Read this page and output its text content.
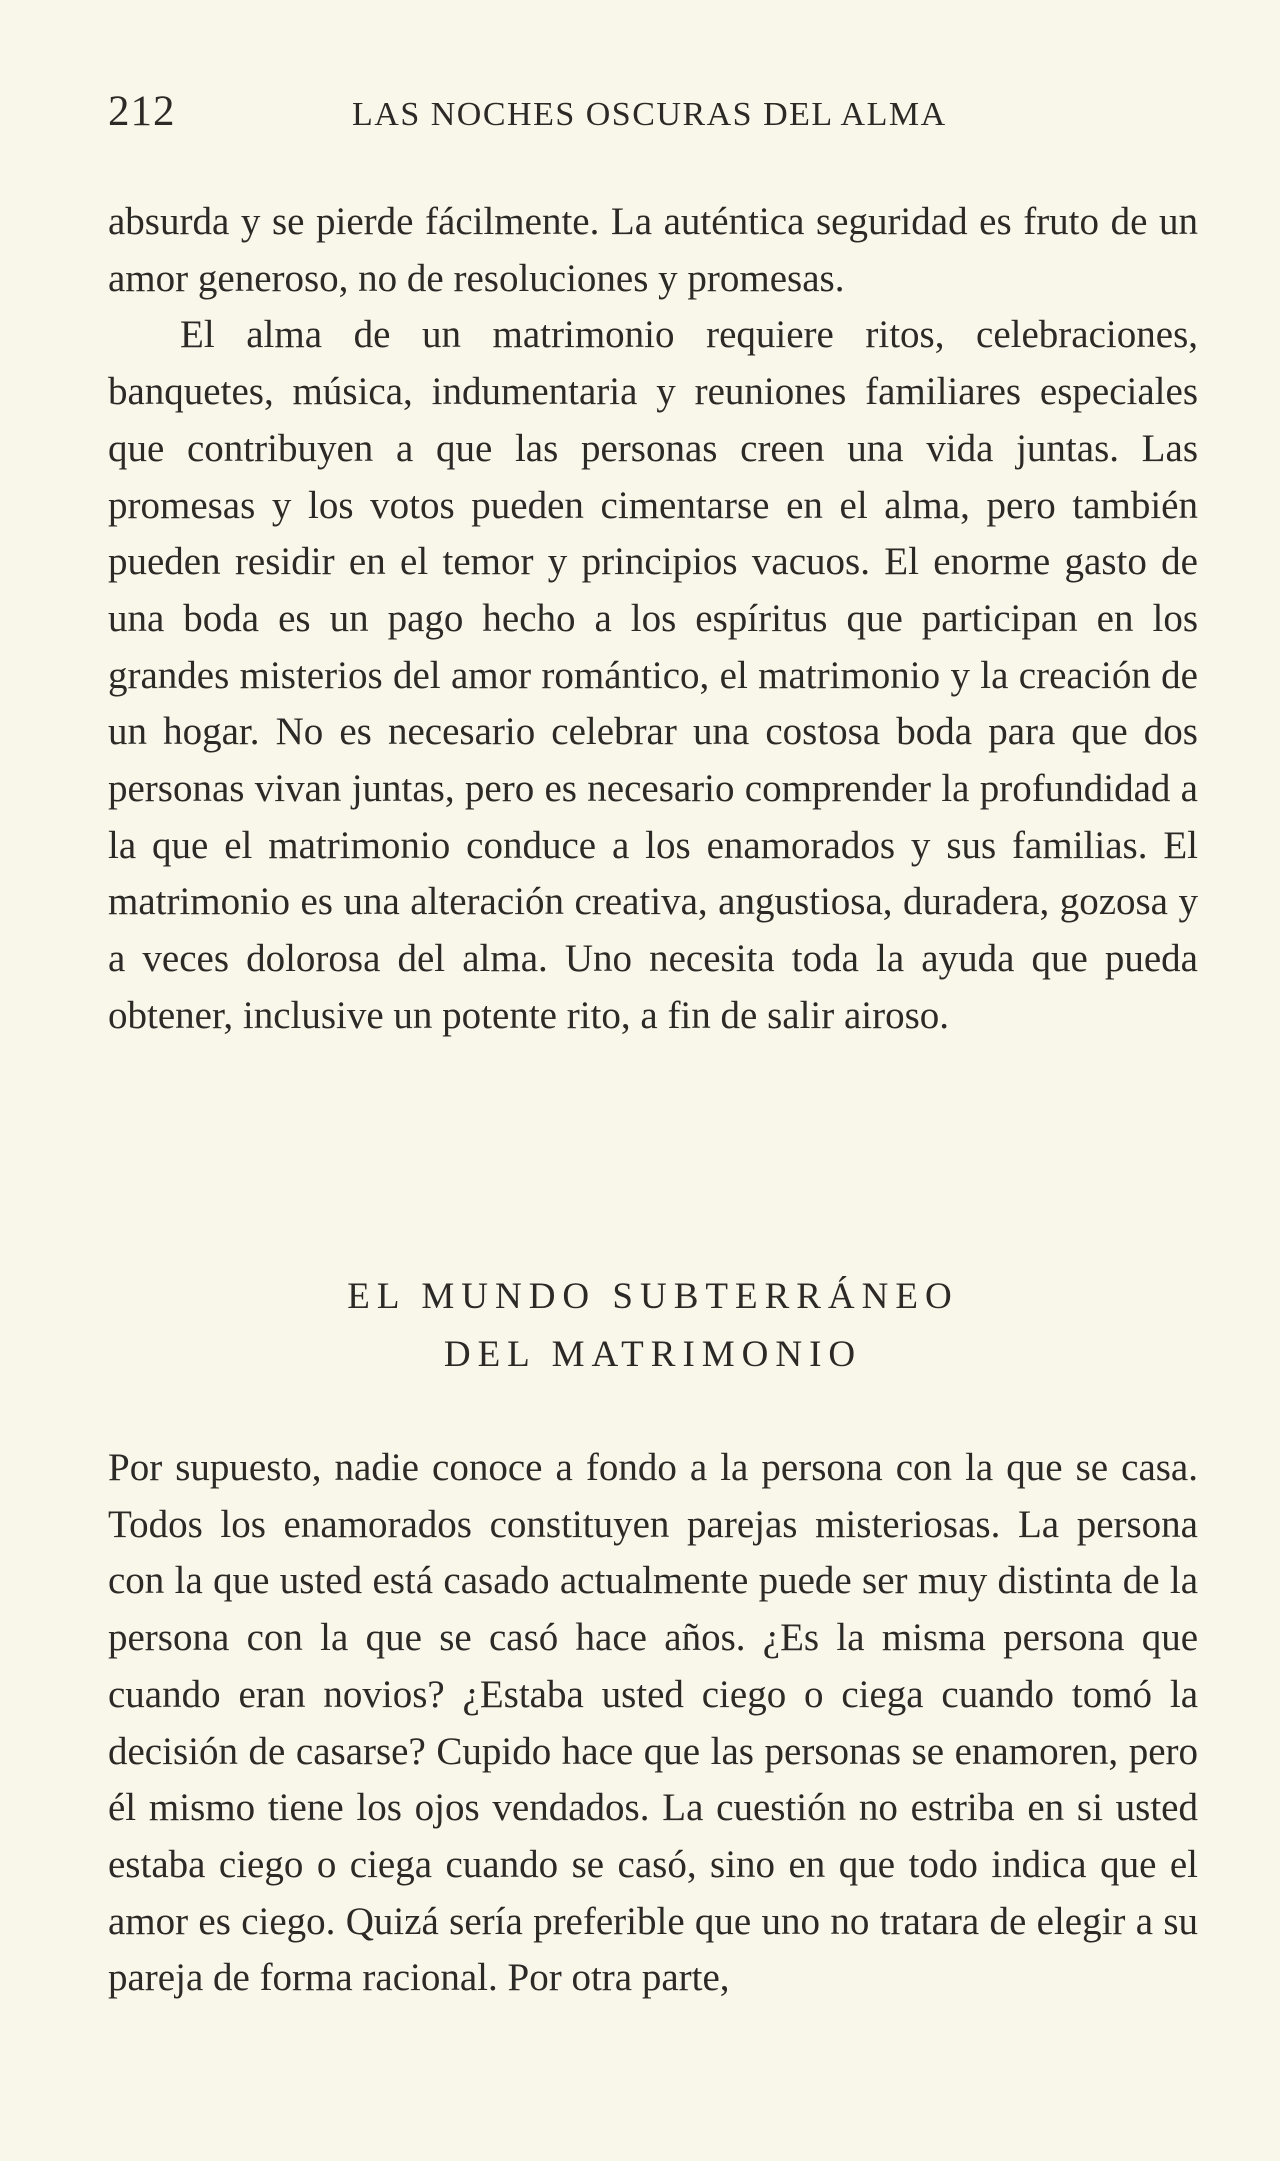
212	LAS NOCHES OSCURAS DEL ALMA

absurda y se pierde fácilmente. La auténtica seguridad es fruto de un amor generoso, no de resoluciones y promesas.

El alma de un matrimonio requiere ritos, celebraciones, banquetes, música, indumentaria y reuniones familiares especiales que contribuyen a que las personas creen una vida juntas. Las promesas y los votos pueden cimentarse en el alma, pero también pueden residir en el temor y principios vacuos. El enorme gasto de una boda es un pago hecho a los espíritus que participan en los grandes misterios del amor romántico, el matrimonio y la creación de un hogar. No es necesario celebrar una costosa boda para que dos personas vivan juntas, pero es necesario comprender la profundidad a la que el matrimonio conduce a los enamorados y sus familias. El matrimonio es una alteración creativa, angustiosa, duradera, gozosa y a veces dolorosa del alma. Uno necesita toda la ayuda que pueda obtener, inclusive un potente rito, a fin de salir airoso.

EL MUNDO SUBTERRÁNEO
DEL MATRIMONIO

Por supuesto, nadie conoce a fondo a la persona con la que se casa. Todos los enamorados constituyen parejas misteriosas. La persona con la que usted está casado actualmente puede ser muy distinta de la persona con la que se casó hace años. ¿Es la misma persona que cuando eran novios? ¿Estaba usted ciego o ciega cuando tomó la decisión de casarse? Cupido hace que las personas se enamoren, pero él mismo tiene los ojos vendados. La cuestión no estriba en si usted estaba ciego o ciega cuando se casó, sino en que todo indica que el amor es ciego. Quizá sería preferible que uno no tratara de elegir a su pareja de forma racional. Por otra parte,
